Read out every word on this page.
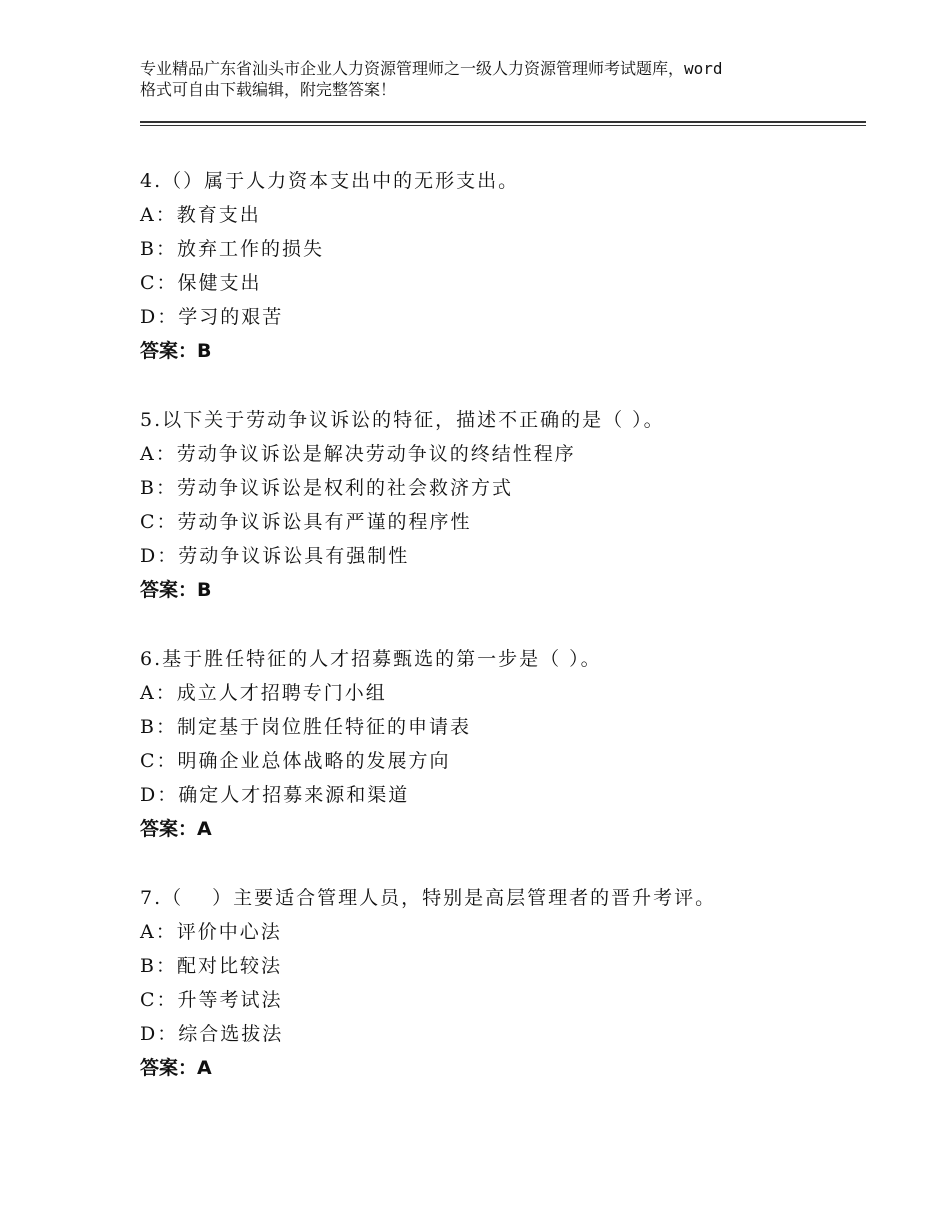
专业精品广东省汕头市企业人力资源管理师之一级人力资源管理师考试题库，word
格式可自由下载编辑，附完整答案！
4.（）属于人力资本支出中的无形支出。
A：教育支出
B：放弃工作的损失
C：保健支出
D：学习的艰苦
答案：B
5.以下关于劳动争议诉讼的特征，描述不正确的是（ ）。
A：劳动争议诉讼是解决劳动争议的终结性程序
B：劳动争议诉讼是权利的社会救济方式
C：劳动争议诉讼具有严谨的程序性
D：劳动争议诉讼具有强制性
答案：B
6.基于胜任特征的人才招募甄选的第一步是（ ）。
A：成立人才招聘专门小组
B：制定基于岗位胜任特征的申请表
C：明确企业总体战略的发展方向
D：确定人才招募来源和渠道
答案：A
7.（　 ）主要适合管理人员，特别是高层管理者的晋升考评。
A：评价中心法
B：配对比较法
C：升等考试法
D：综合选拔法
答案：A
